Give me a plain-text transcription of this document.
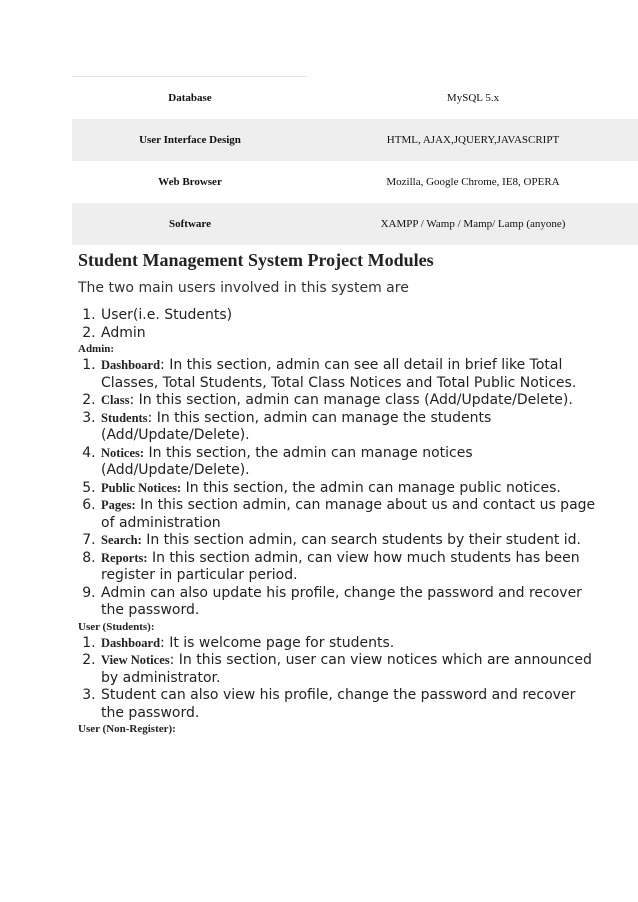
Database	MySQL 5.x
User Interface Design	HTML, AJAX,JQUERY,JAVASCRIPT
Web Browser	Mozilla, Google Chrome, IE8, OPERA
Software	XAMPP / Wamp / Mamp/ Lamp (anyone)
Student Management System Project Modules

The two main users involved in this system are

1. User(i.e. Students)
2. Admin

Admin:

1. Dashboard: In this section, admin can see all detail in brief like Total Classes, Total Students, Total Class Notices and Total Public Notices.
2. Class: In this section, admin can manage class (Add/Update/Delete).
3. Students: In this section, admin can manage the students (Add/Update/Delete).
4. Notices: In this section, the admin can manage notices (Add/Update/Delete).
5. Public Notices: In this section, the admin can manage public notices.
6. Pages: In this section admin, can manage about us and contact us page of administration
7. Search: In this section admin, can search students by their student id.
8. Reports: In this section admin, can view how much students has been register in particular period.
9. Admin can also update his profile, change the password and recover the password.

User (Students):

1. Dashboard: It is welcome page for students.
2. View Notices: In this section, user can view notices which are announced by administrator.
3. Student can also view his profile, change the password and recover the password.

User (Non-Register):
